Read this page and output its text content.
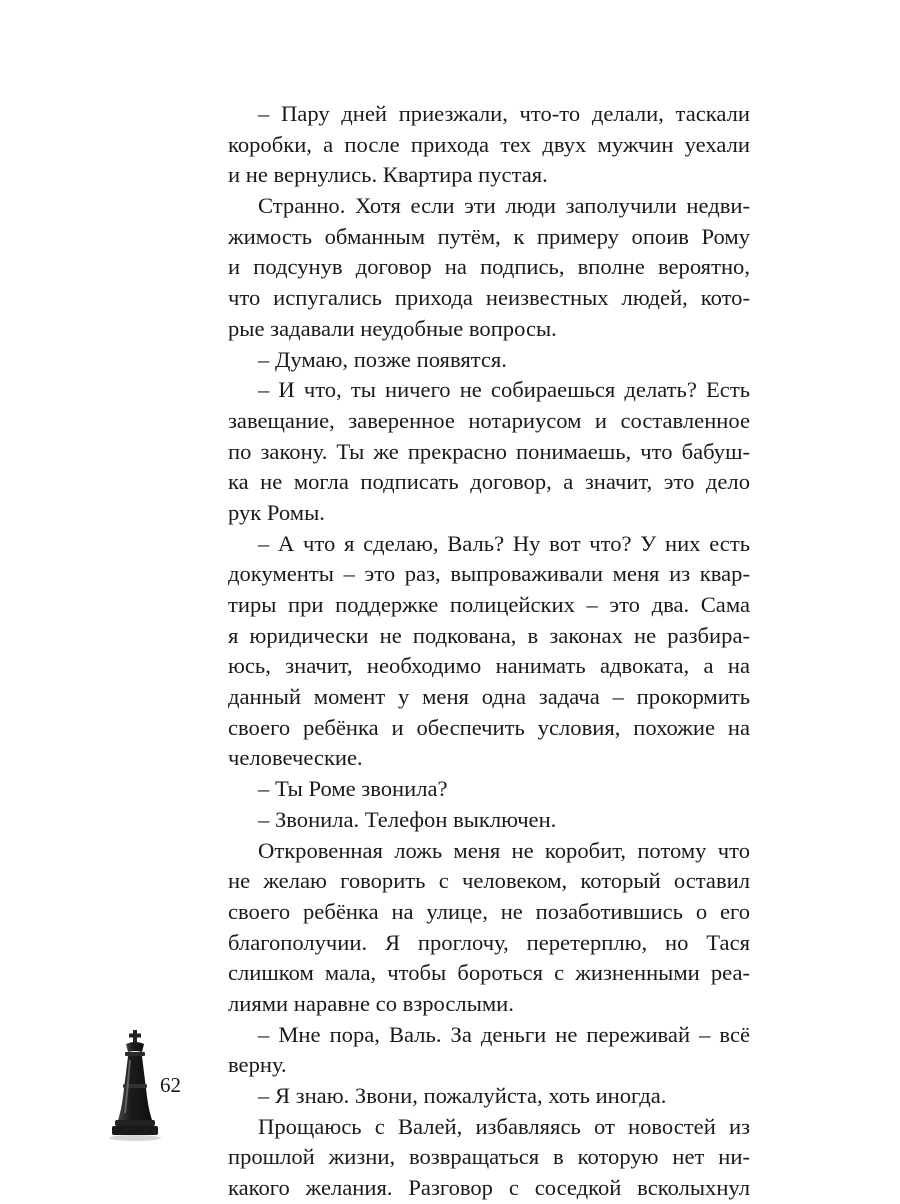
– Пару дней приезжали, что-то делали, таскали
коробки, а после прихода тех двух мужчин уехали
и не вернулись. Квартира пустая.
Странно. Хотя если эти люди заполучили недви-
жимость обманным путём, к примеру опоив Рому
и подсунув договор на подпись, вполне вероятно,
что испугались прихода неизвестных людей, кото-
рые задавали неудобные вопросы.
– Думаю, позже появятся.
– И что, ты ничего не собираешься делать? Есть
завещание, заверенное нотариусом и составленное
по закону. Ты же прекрасно понимаешь, что бабуш-
ка не могла подписать договор, а значит, это дело
рук Ромы.
– А что я сделаю, Валь? Ну вот что? У них есть
документы – это раз, выпроваживали меня из квар-
тиры при поддержке полицейских – это два. Сама
я юридически не подкована, в законах не разбира-
юсь, значит, необходимо нанимать адвоката, а на
данный момент у меня одна задача – прокормить
своего ребёнка и обеспечить условия, похожие на
человеческие.
– Ты Роме звонила?
– Звонила. Телефон выключен.
Откровенная ложь меня не коробит, потому что
не желаю говорить с человеком, который оставил
своего ребёнка на улице, не позаботившись о его
благополучии. Я проглочу, перетерплю, но Тася
слишком мала, чтобы бороться с жизненными реа-
лиями наравне со взрослыми.
– Мне пора, Валь. За деньги не переживай – всё
верну.
– Я знаю. Звони, пожалуйста, хоть иногда.
Прощаюсь с Валей, избавляясь от новостей из
прошлой жизни, возвращаться в которую нет ни-
какого желания. Разговор с соседкой всколыхнул
62
